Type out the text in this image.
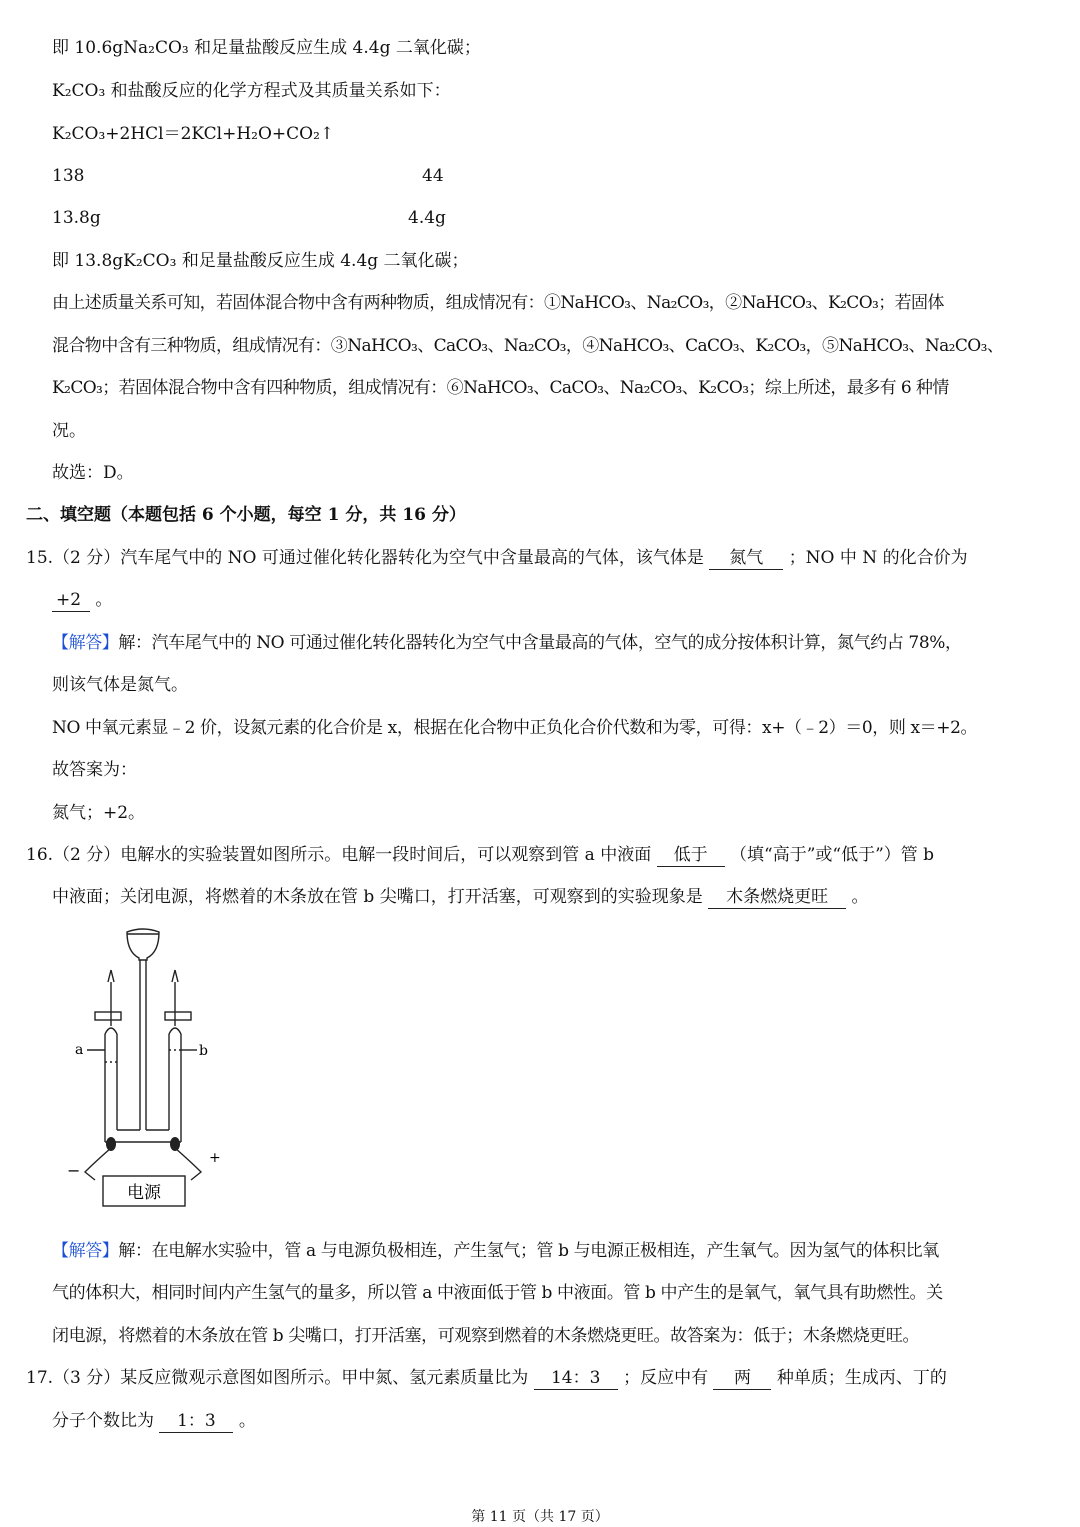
即 10.6gNa₂CO₃ 和足量盐酸反应生成 4.4g 二氧化碳；
K₂CO₃ 和盐酸反应的化学方程式及其质量关系如下：
K₂CO₃+2HCl＝2KCl+H₂O+CO₂↑
138	44
13.8g	4.4g
即 13.8gK₂CO₃ 和足量盐酸反应生成 4.4g 二氧化碳；
由上述质量关系可知，若固体混合物中含有两种物质，组成情况有：①NaHCO₃、Na₂CO₃，②NaHCO₃、K₂CO₃；若固体
混合物中含有三种物质，组成情况有：③NaHCO₃、CaCO₃、Na₂CO₃，④NaHCO₃、CaCO₃、K₂CO₃，⑤NaHCO₃、Na₂CO₃、
K₂CO₃；若固体混合物中含有四种物质，组成情况有：⑥NaHCO₃、CaCO₃、Na₂CO₃、K₂CO₃；综上所述，最多有 6 种情
况。
故选：D。
二、填空题（本题包括 6 个小题，每空 1 分，共 16 分）
15.（2 分）汽车尾气中的 NO 可通过催化转化器转化为空气中含量最高的气体，该气体是 氮气 ；NO 中 N 的化合价为
+2 。
【解答】解：汽车尾气中的 NO 可通过催化转化器转化为空气中含量最高的气体，空气的成分按体积计算，氮气约占 78%，
则该气体是氮气。
NO 中氧元素显﹣2 价，设氮元素的化合价是 x，根据在化合物中正负化合价代数和为零，可得：x+（﹣2）＝0，则 x＝+2。
故答案为：
氮气；+2。
16.（2 分）电解水的实验装置如图所示。电解一段时间后，可以观察到管 a 中液面 低于 （填“高于”或“低于”）管 b
中液面；关闭电源，将燃着的木条放在管 b 尖嘴口，打开活塞，可观察到的实验现象是 木条燃烧更旺 。
a	b
−
+
电源
【解答】解：在电解水实验中，管 a 与电源负极相连，产生氢气；管 b 与电源正极相连，产生氧气。因为氢气的体积比氧
气的体积大，相同时间内产生氢气的量多，所以管 a 中液面低于管 b 中液面。管 b 中产生的是氧气，氧气具有助燃性。关
闭电源，将燃着的木条放在管 b 尖嘴口，打开活塞，可观察到燃着的木条燃烧更旺。故答案为：低于；木条燃烧更旺。
17.（3 分）某反应微观示意图如图所示。甲中氮、氢元素质量比为 14：3 ；反应中有 两 种单质；生成丙、丁的
分子个数比为 1：3 。
第 11 页（共 17 页）
